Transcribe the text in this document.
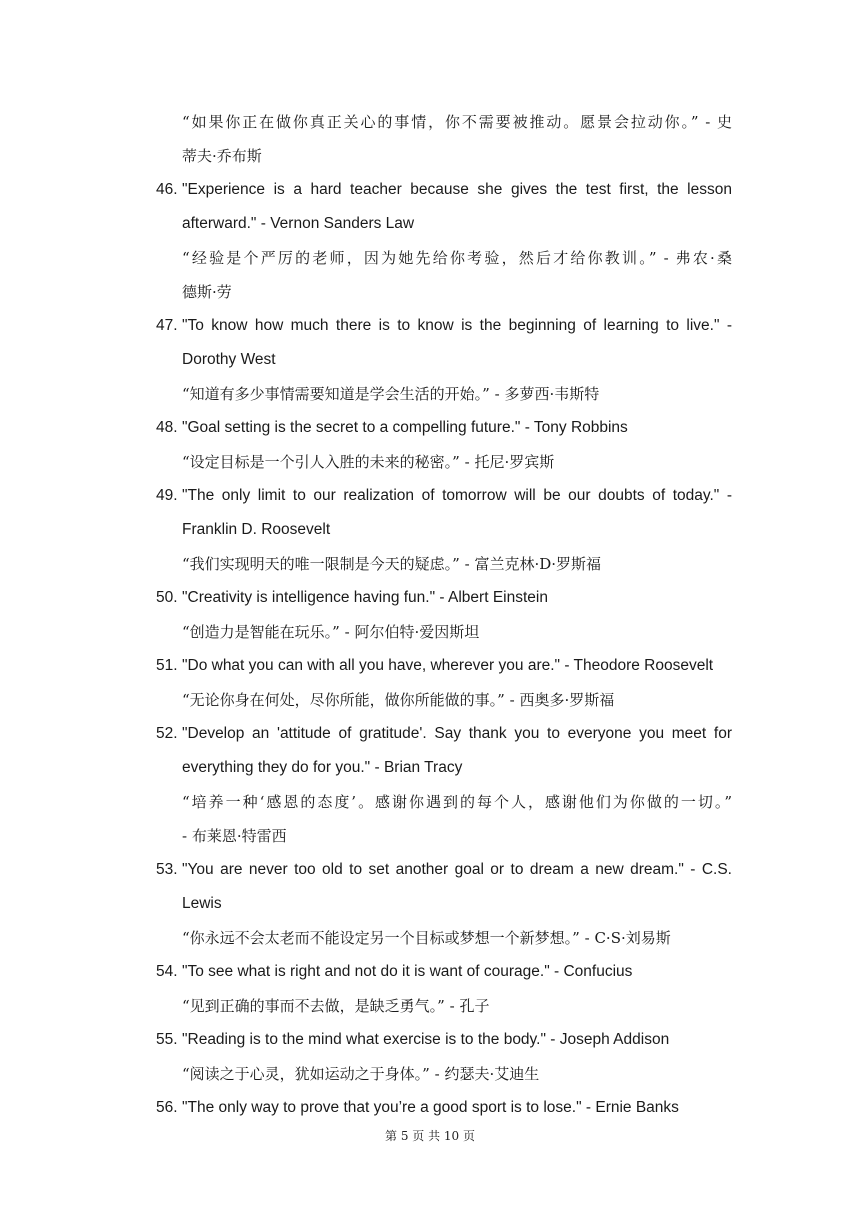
“如果你正在做你真正关心的事情，你不需要被推动。愿景会拉动你。” - 史
蒂夫·乔布斯
46. "Experience is a hard teacher because she gives the test first, the lesson
afterward." - Vernon Sanders Law
“经验是个严厉的老师，因为她先给你考验，然后才给你教训。” - 弗农·桑
德斯·劳
47. "To know how much there is to know is the beginning of learning to live." -
Dorothy West
“知道有多少事情需要知道是学会生活的开始。” - 多萝西·韦斯特
48. "Goal setting is the secret to a compelling future." - Tony Robbins
“设定目标是一个引人入胜的未来的秘密。” - 托尼·罗宾斯
49. "The only limit to our realization of tomorrow will be our doubts of today." -
Franklin D. Roosevelt
“我们实现明天的唯一限制是今天的疑虑。” - 富兰克林·D·罗斯福
50. "Creativity is intelligence having fun." - Albert Einstein
“创造力是智能在玩乐。” - 阿尔伯特·爱因斯坦
51. "Do what you can with all you have, wherever you are." - Theodore Roosevelt
“无论你身在何处，尽你所能，做你所能做的事。” - 西奥多·罗斯福
52. "Develop an 'attitude of gratitude'. Say thank you to everyone you meet for
everything they do for you." - Brian Tracy
“培养一种‘感恩的态度’。感谢你遇到的每个人，感谢他们为你做的一切。”
- 布莱恩·特雷西
53. "You are never too old to set another goal or to dream a new dream." - C.S.
Lewis
“你永远不会太老而不能设定另一个目标或梦想一个新梦想。” - C·S·刘易斯
54. "To see what is right and not do it is want of courage." - Confucius
“见到正确的事而不去做，是缺乏勇气。” - 孔子
55. "Reading is to the mind what exercise is to the body." - Joseph Addison
“阅读之于心灵，犹如运动之于身体。” - 约瑟夫·艾迪生
56. "The only way to prove that you’re a good sport is to lose." - Ernie Banks
第 5 页 共 10 页
